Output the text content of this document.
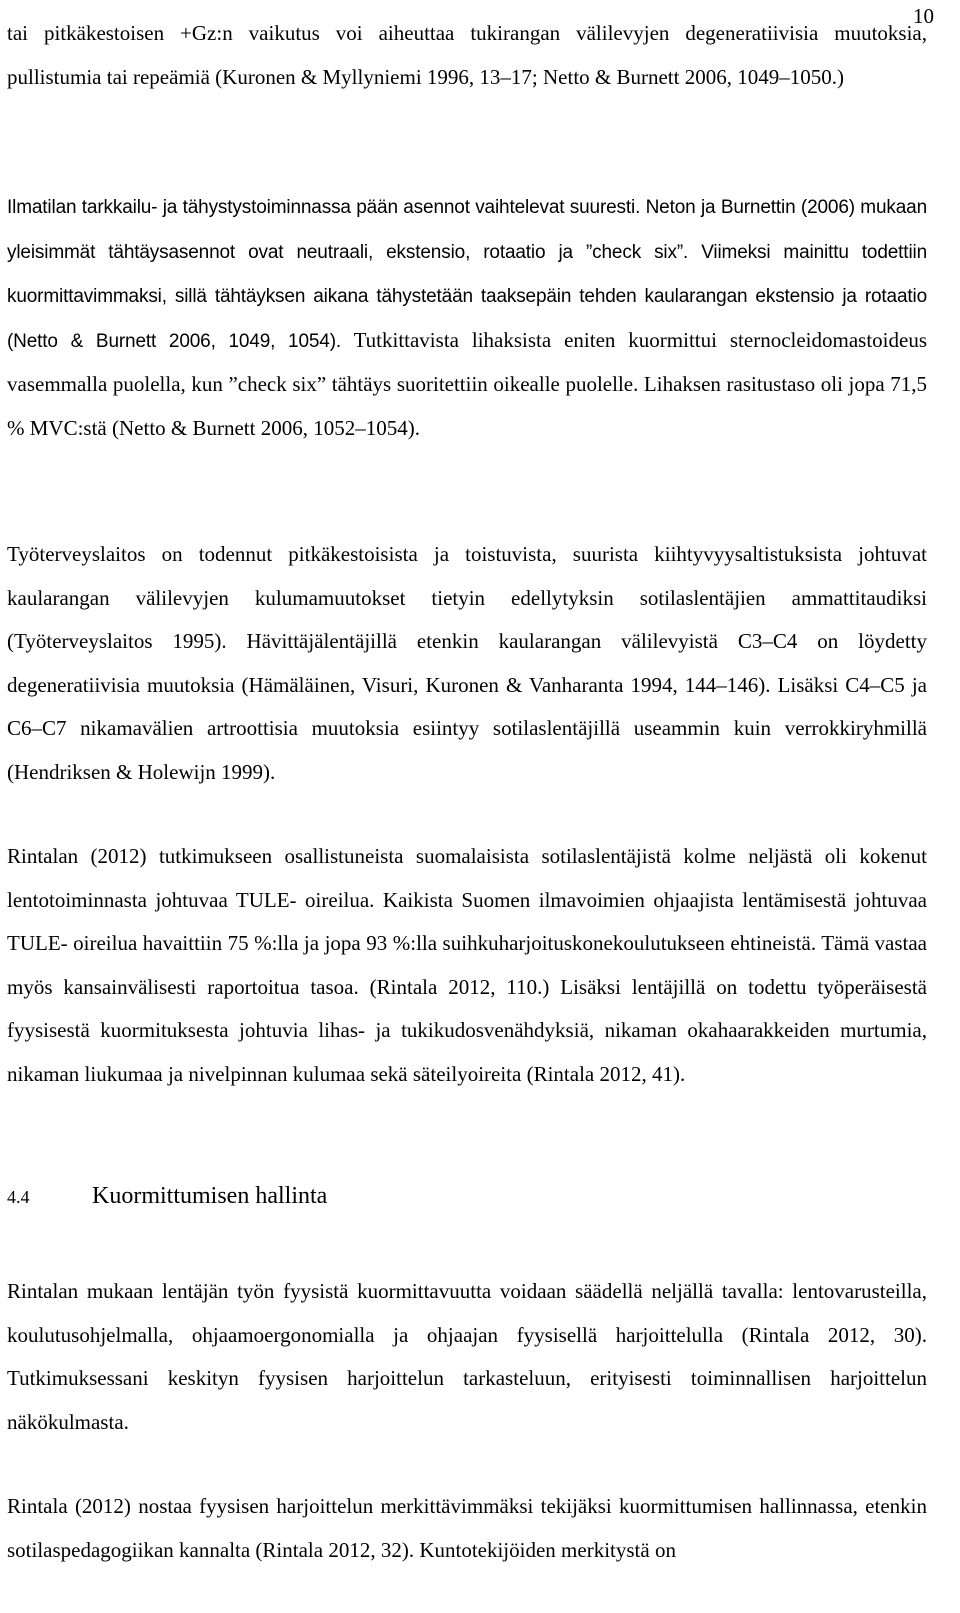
10

tai pitkäkestoisen +Gz:n vaikutus voi aiheuttaa tukirangan välilevyjen degeneratiivisia muutoksia, pullistumia tai repeämiä (Kuronen & Myllyniemi 1996, 13‒17; Netto & Burnett 2006, 1049‒1050.)

Ilmatilan tarkkailu- ja tähystystoiminnassa pään asennot vaihtelevat suuresti. Neton ja Burnettin (2006) mukaan yleisimmät tähtäysasennot ovat neutraali, ekstensio, rotaatio ja ”check six”. Viimeksi mainittu todettiin kuormittavimmaksi, sillä tähtäyksen aikana tähystetään taaksepäin tehden kaularangan ekstensio ja rotaatio (Netto & Burnett 2006, 1049, 1054). Tutkittavista lihaksista eniten kuormittui sternocleidomastoideus vasemmalla puolella, kun ”check six” tähtäys suoritettiin oikealle puolelle. Lihaksen rasitustaso oli jopa 71,5 % MVC:stä (Netto & Burnett 2006, 1052‒1054).

Työterveyslaitos on todennut pitkäkestoisista ja toistuvista, suurista kiihtyvyysaltistuksista johtuvat kaularangan välilevyjen kulumamuutokset tietyin edellytyksin sotilaslentäjien ammattitaudiksi (Työterveyslaitos 1995). Hävittäjälentäjillä etenkin kaularangan välilevyistä C3‒C4 on löydetty degeneratiivisia muutoksia (Hämäläinen, Visuri, Kuronen & Vanharanta 1994, 144‒146). Lisäksi C4‒C5 ja C6‒C7 nikamavälien artroottisia muutoksia esiintyy sotilaslentäjillä useammin kuin verrokkiryhmillä (Hendriksen & Holewijn 1999).

Rintalan (2012) tutkimukseen osallistuneista suomalaisista sotilaslentäjistä kolme neljästä oli kokenut lentotoiminnasta johtuvaa TULE- oireilua. Kaikista Suomen ilmavoimien ohjaajista lentämisestä johtuvaa TULE- oireilua havaittiin 75 %:lla ja jopa 93 %:lla suihkuharjoituskonekoulutukseen ehtineistä. Tämä vastaa myös kansainvälisesti raportoitua tasoa. (Rintala 2012, 110.) Lisäksi lentäjillä on todettu työperäisestä fyysisestä kuormituksesta johtuvia lihas- ja tukikudosvenähdyksiä, nikaman okahaarakkeiden murtumia, nikaman liukumaa ja nivelpinnan kulumaa sekä säteilyoireita (Rintala 2012, 41).

4.4	Kuormittumisen hallinta

Rintalan mukaan lentäjän työn fyysistä kuormittavuutta voidaan säädellä neljällä tavalla: lentovarusteilla, koulutusohjelmalla, ohjaamoergonomialla ja ohjaajan fyysisellä harjoittelulla (Rintala 2012, 30). Tutkimuksessani keskityn fyysisen harjoittelun tarkasteluun, erityisesti toiminnallisen harjoittelun näkökulmasta.

Rintala (2012) nostaa fyysisen harjoittelun merkittävimmäksi tekijäksi kuormittumisen hallinnassa, etenkin sotilaspedagogiikan kannalta (Rintala 2012, 32). Kuntotekijöiden merkitystä on
